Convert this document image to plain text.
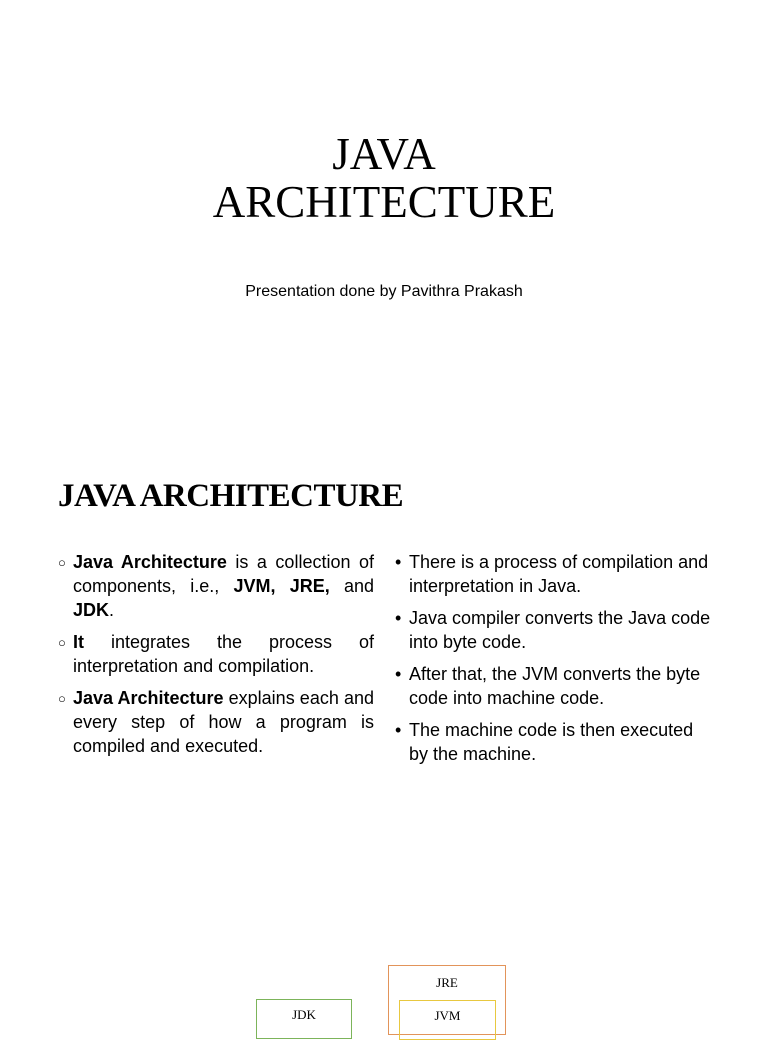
JAVA
ARCHITECTURE
Presentation done by Pavithra Prakash
JAVA ARCHITECTURE
○ Java Architecture is a collection of components, i.e., JVM, JRE, and JDK.
○ It integrates the process of interpretation and compilation.
○ Java Architecture explains each and every step of how a program is compiled and executed.
• There is a process of compilation and interpretation in Java.
• Java compiler converts the Java code into byte code.
• After that, the JVM converts the byte code into machine code.
• The machine code is then executed by the machine.
JRE
JVM
JDK
